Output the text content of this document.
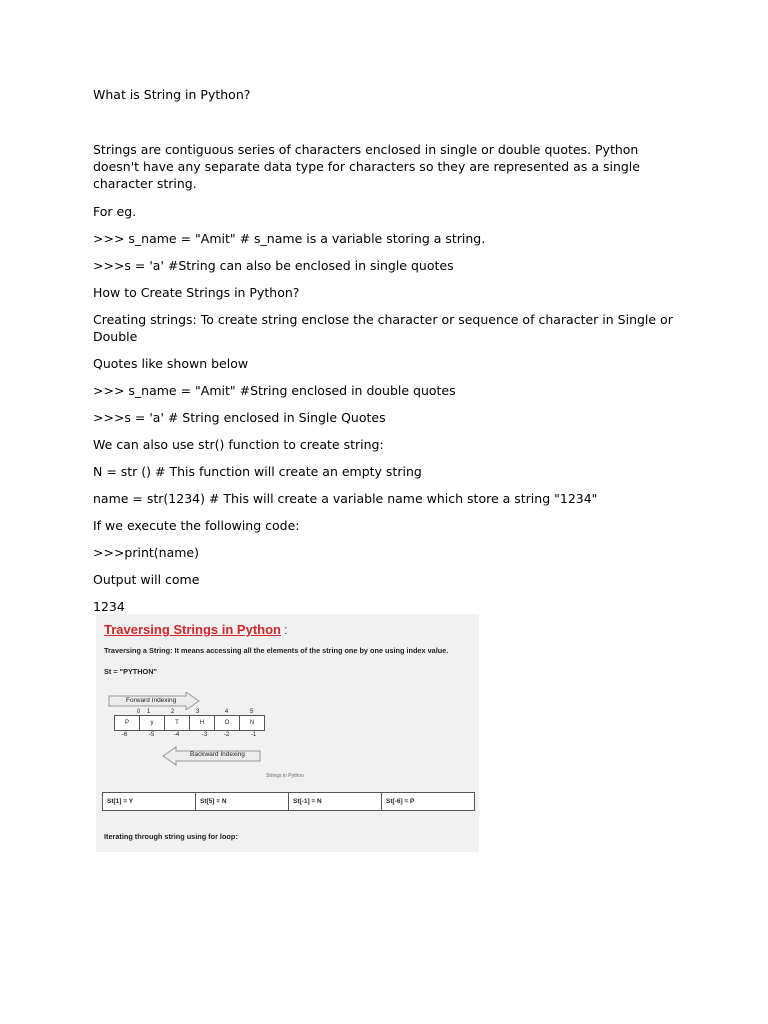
What is String in Python?

Strings are contiguous series of characters enclosed in single or double quotes. Python doesn't have any separate data type for characters so they are represented as a single character string.

For eg.

>>> s_name = "Amit" # s_name is a variable storing a string.

>>>s = 'a' #String can also be enclosed in single quotes

How to Create Strings in Python?

Creating strings: To create string enclose the character or sequence of character in Single or Double

Quotes like shown below

>>> s_name = "Amit" #String enclosed in double quotes

>>>s = 'a' # String enclosed in Single Quotes

We can also use str() function to create string:

N = str () # This function will create an empty string

name = str(1234) # This will create a variable name which store a string "1234"

If we execute the following code:

>>>print(name)

Output will come

1234

Traversing Strings in Python :
Traversing a String: It means accessing all the elements of the string one by one using index value.
St = "PYTHON"
Forward Indexing
0	1	2	3	4	5
P	y	T	H	O	N
-6	-5	-4	-3	-2	-1
Backward Indexing
Strings in Python
St[1] = Y	St[5] = N	St[-1] = N	St[-6] = P
Iterating through string using for loop:
